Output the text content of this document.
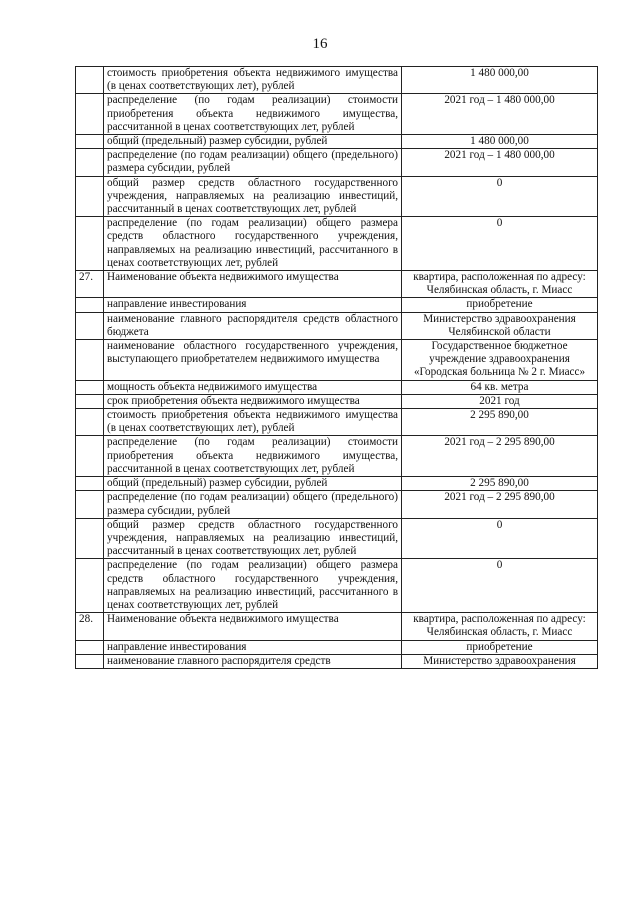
16
	стоимость приобретения объекта недвижимого имущества (в ценах соответствующих лет), рублей	1 480 000,00
	распределение (по годам реализации) стоимости приобретения объекта недвижимого имущества, рассчитанной в ценах соответствующих лет, рублей	2021 год – 1 480 000,00
	общий (предельный) размер субсидии, рублей	1 480 000,00
	распределение (по годам реализации) общего (предельного) размера субсидии, рублей	2021 год – 1 480 000,00
	общий размер средств областного государственного учреждения, направляемых на реализацию инвестиций, рассчитанный в ценах соответствующих лет, рублей	0
	распределение (по годам реализации) общего размера средств областного государственного учреждения, направляемых на реализацию инвестиций, рассчитанного в ценах соответствующих лет, рублей	0
27.	Наименование объекта недвижимого имущества	квартира, расположенная по адресу: Челябинская область, г. Миасс
	направление инвестирования	приобретение
	наименование главного распорядителя средств областного бюджета	Министерство здравоохранения Челябинской области
	наименование областного государственного учреждения, выступающего приобретателем недвижимого имущества	Государственное бюджетное учреждение здравоохранения «Городская больница № 2 г. Миасс»
	мощность объекта недвижимого имущества	64 кв. метра
	срок приобретения объекта недвижимого имущества	2021 год
	стоимость приобретения объекта недвижимого имущества (в ценах соответствующих лет), рублей	2 295 890,00
	распределение (по годам реализации) стоимости приобретения объекта недвижимого имущества, рассчитанной в ценах соответствующих лет, рублей	2021 год – 2 295 890,00
	общий (предельный) размер субсидии, рублей	2 295 890,00
	распределение (по годам реализации) общего (предельного) размера субсидии, рублей	2021 год – 2 295 890,00
	общий размер средств областного государственного учреждения, направляемых на реализацию инвестиций, рассчитанный в ценах соответствующих лет, рублей	0
	распределение (по годам реализации) общего размера средств областного государственного учреждения, направляемых на реализацию инвестиций, рассчитанного в ценах соответствующих лет, рублей	0
28.	Наименование объекта недвижимого имущества	квартира, расположенная по адресу: Челябинская область, г. Миасс
	направление инвестирования	приобретение
	наименование главного распорядителя средств	Министерство здравоохранения
